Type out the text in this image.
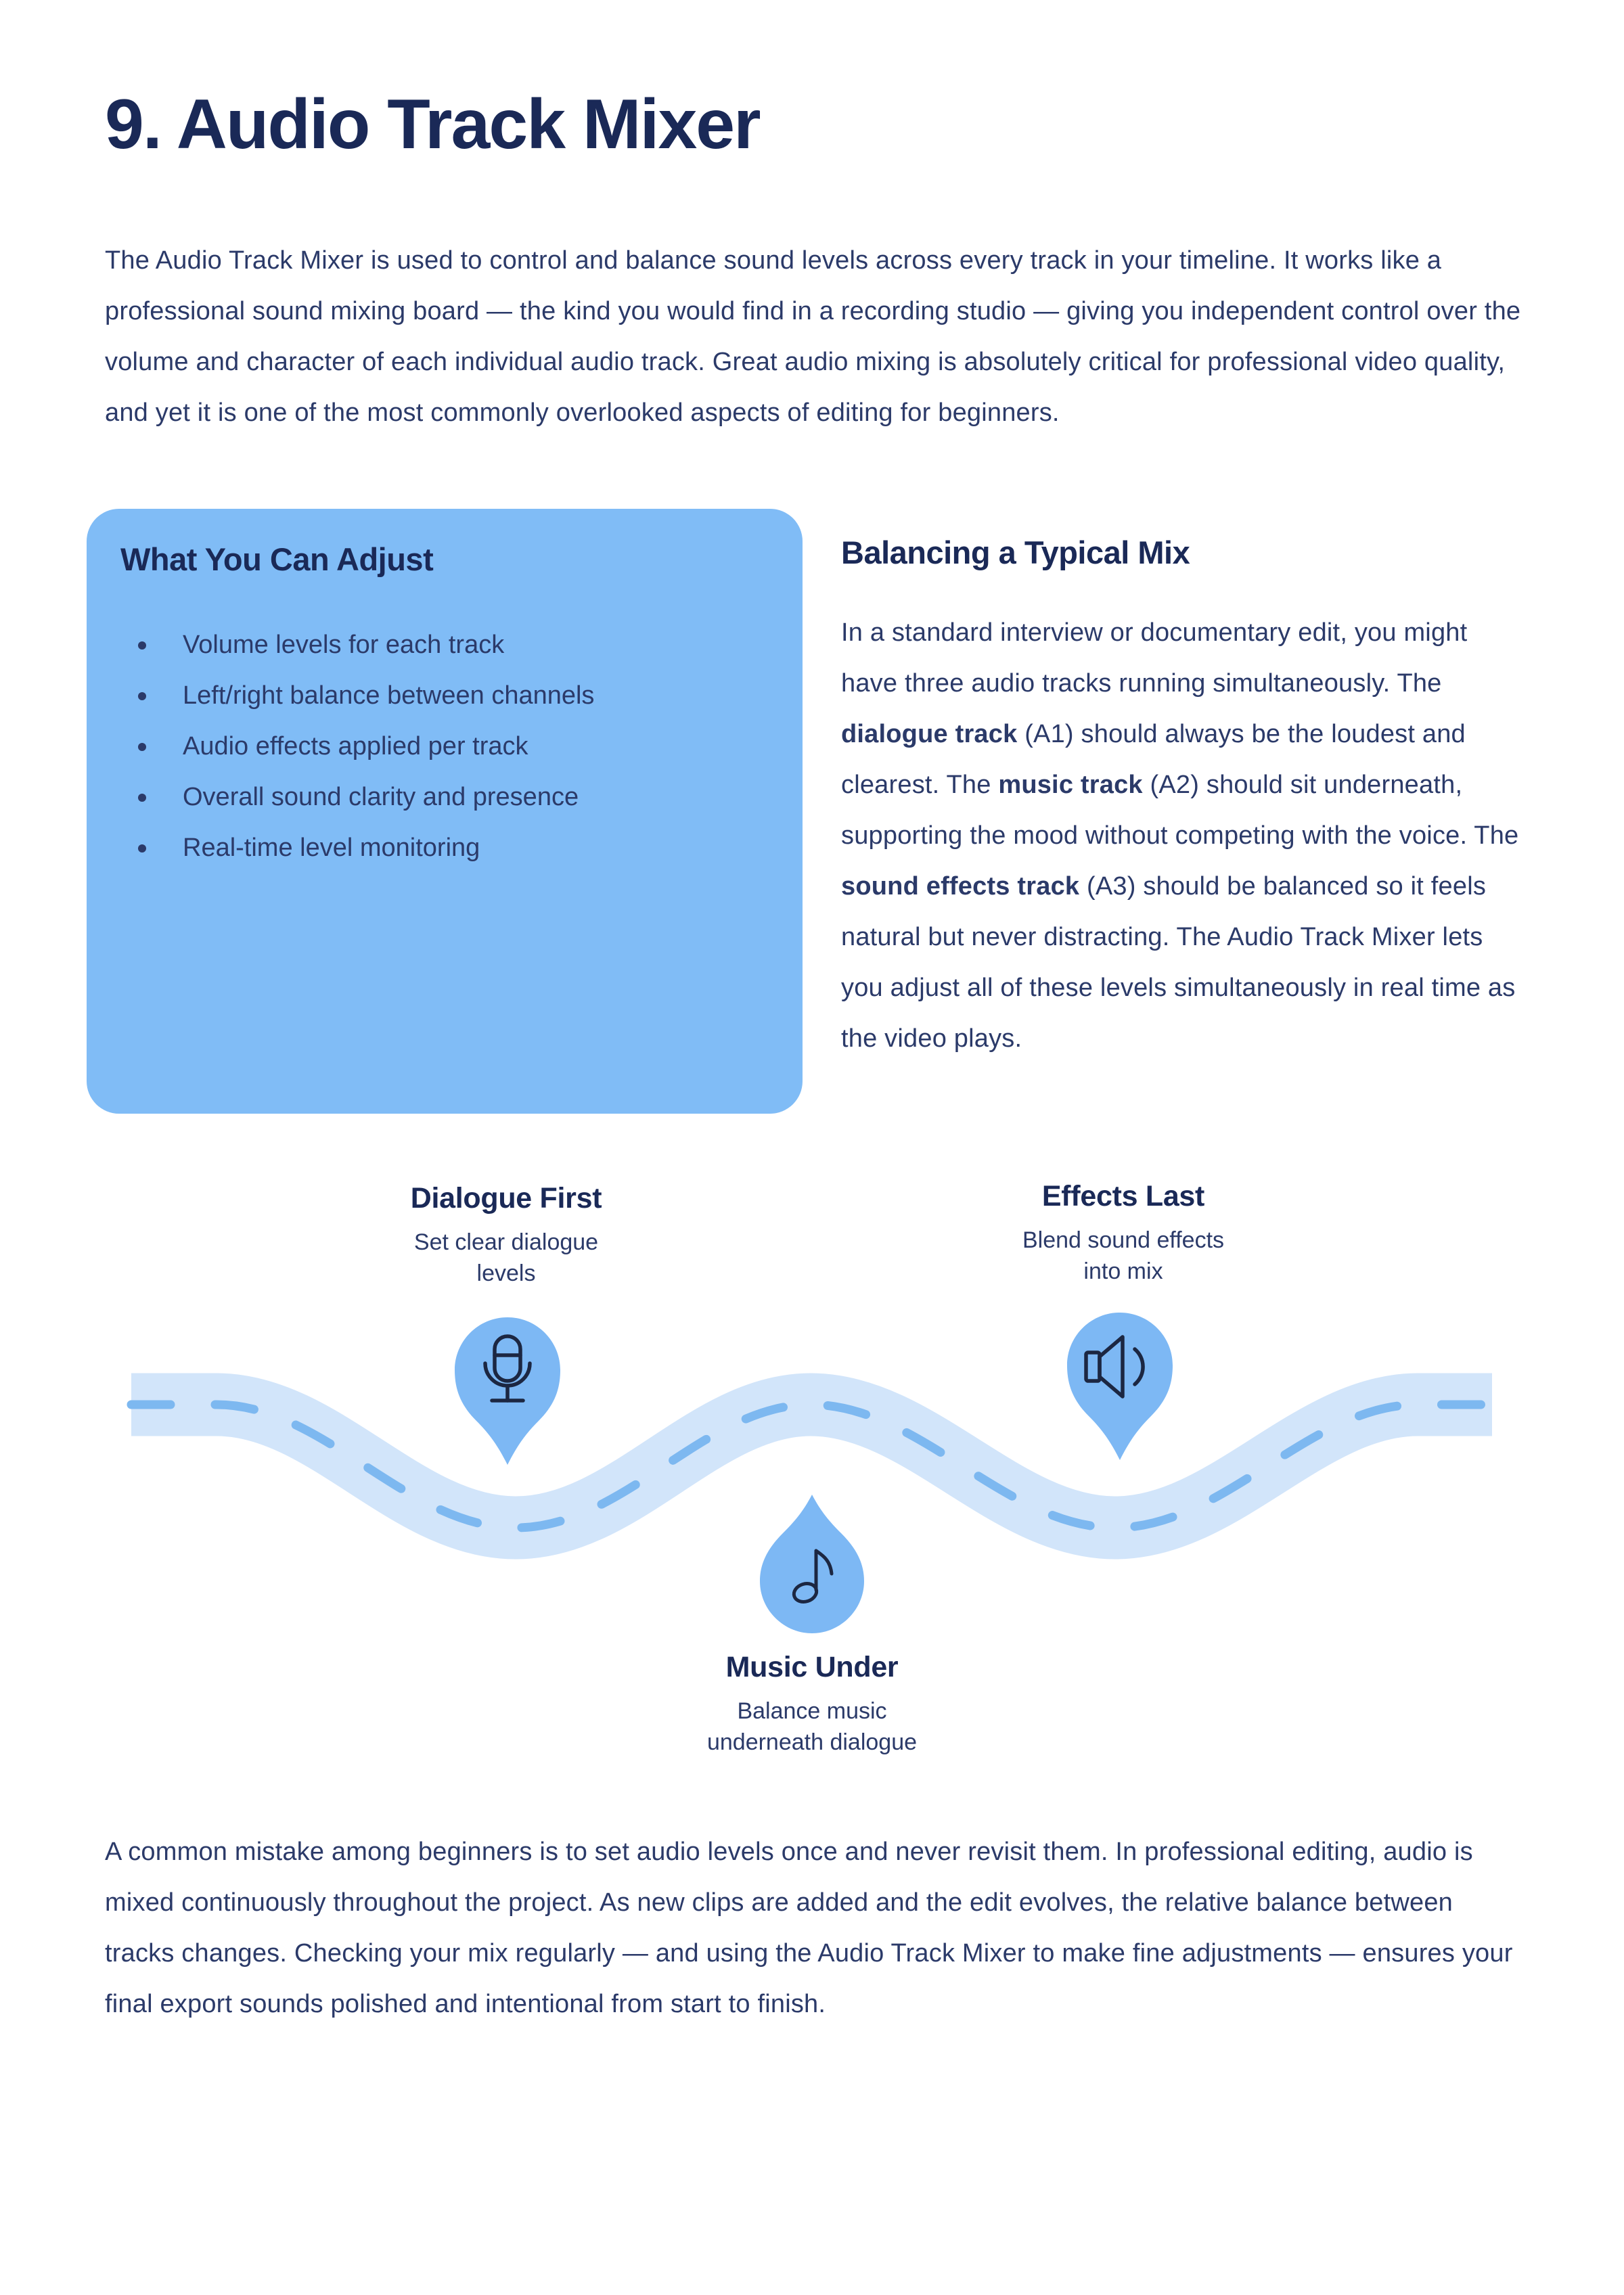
9. Audio Track Mixer

The Audio Track Mixer is used to control and balance sound levels across every track in your timeline. It works like a professional sound mixing board — the kind you would find in a recording studio — giving you independent control over the volume and character of each individual audio track. Great audio mixing is absolutely critical for professional video quality, and yet it is one of the most commonly overlooked aspects of editing for beginners.

What You Can Adjust
Volume levels for each track
Left/right balance between channels
Audio effects applied per track
Overall sound clarity and presence
Real-time level monitoring
Balancing a Typical Mix

In a standard interview or documentary edit, you might have three audio tracks running simultaneously. The dialogue track (A1) should always be the loudest and clearest. The music track (A2) should sit underneath, supporting the mood without competing with the voice. The sound effects track (A3) should be balanced so it feels natural but never distracting. The Audio Track Mixer lets you adjust all of these levels simultaneously in real time as the video plays.

Dialogue First
Set clear dialogue
levels
Effects Last
Blend sound effects
into mix
Music Under
Balance music
underneath dialogue

A common mistake among beginners is to set audio levels once and never revisit them. In professional editing, audio is mixed continuously throughout the project. As new clips are added and the edit evolves, the relative balance between tracks changes. Checking your mix regularly — and using the Audio Track Mixer to make fine adjustments — ensures your final export sounds polished and intentional from start to finish.
